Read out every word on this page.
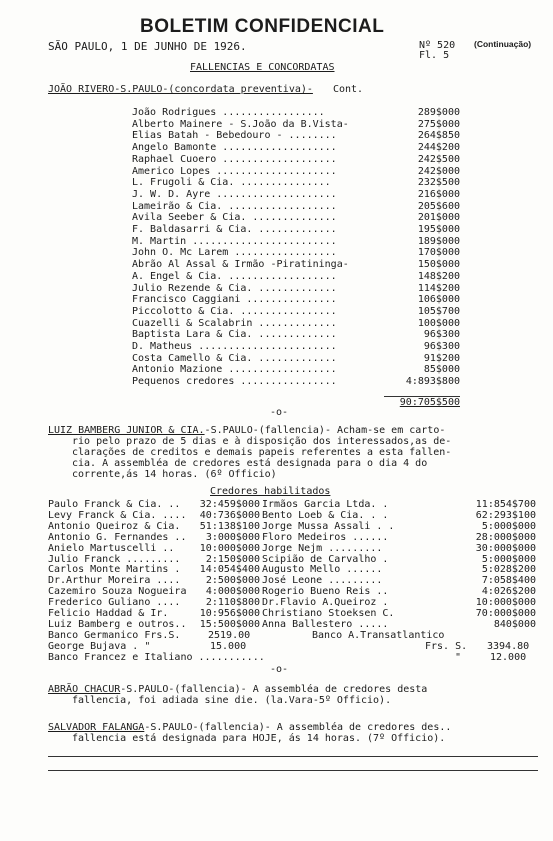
BOLETIM CONFIDENCIAL
SÃO PAULO, 1 DE JUNHO DE 1926.	Nº 520 (Continuação)
Fl. 5
FALLENCIAS E CONCORDATAS
JOÃO RIVERO-S.PAULO-(concordata preventiva)- Cont.
João Rodrigues .................	289$000
Alberto Mainere - S.João da B.Vista-	275$000
Elias Batah - Bebedouro - ........	264$850
Angelo Bamonte ...................	244$200
Raphael Cuoero ...................	242$500
Americo Lopes ....................	242$000
L. Frugoli & Cia. ...............	232$500
J. W. D. Ayre ....................	216$000
Lameirão & Cia. ..................	205$600
Avila Seeber & Cia. ..............	201$000
F. Baldasarri & Cia. .............	195$000
M. Martin ........................	189$000
John O. Mc Larem .................	170$000
Abrão Al Assal & Irmão -Piratininga-	150$000
A. Engel & Cia. ..................	148$200
Julio Rezende & Cia. .............	114$200
Francisco Caggiani ...............	106$000
Piccolotto & Cia. ................	105$700
Cuazelli & Scalabrin .............	100$000
Baptista Lara & Cia. .............	96$300
D. Matheus .......................	96$300
Costa Camello & Cia. .............	91$200
Antonio Mazione ..................	85$000
Pequenos credores ................	4:893$800
90:705$500
-o-
LUIZ BAMBERG JUNIOR & CIA.-S.PAULO-(fallencia)- Acham-se em carto-
rio pelo prazo de 5 dias e à disposição dos interessados,as de-
clarações de creditos e demais papeis referentes a esta fallen-
cia. A assembléa de credores está designada para o dia 4 do
corrente,ás 14 horas. (6º Officio)
Credores habilitados
Paulo Franck & Cia. ..	32:459$000 Irmãos Garcia Ltda. .	11:854$700
Levy Franck & Cia. ....	40:736$000 Bento Loeb & Cia. . .	62:293$100
Antonio Queiroz & Cia.	51:138$100 Jorge Mussa Assali . .	5:000$000
Antonio G. Fernandes ..	3:000$000 Floro Medeiros ......	28:000$000
Anielo Martuscelli ..	10:000$000 Jorge Nejm .........	30:000$000
Julio Franck .........	2:150$000 Scipião de Carvalho .	5:000$000
Carlos Monte Martins .	14:054$400 Augusto Mello ......	5:028$200
Dr.Arthur Moreira ....	2:500$000 José Leone .........	7:058$400
Cazemiro Souza Nogueira	4:000$000 Rogerio Bueno Reis ..	4:026$200
Frederico Guliano ....	2:110$800 Dr.Flavio A.Queiroz .	10:000$000
Felicio Haddad & Ir.	10:956$000 Christiano Stoeksen C.	70:000$000
Luiz Bamberg e outros..	15:500$000 Anna Ballestero .....	840$000
Banco Germanico Frs.S.	2519.00	Banco A.Transatlantico
George Bujava . "	15.000	Frs. S. 3394.80
Banco Francez e Italiano ...........	"	12.000
-o-
ABRÃO CHACUR-S.PAULO-(fallencia)- A assembléa de credores desta
fallencia, foi adiada sine die. (la.Vara-5º Officio).
SALVADOR FALANGA-S.PAULO-(fallencia)- A assembléa de credores des..
fallencia está designada para HOJE, ás 14 horas. (7º Officio).
